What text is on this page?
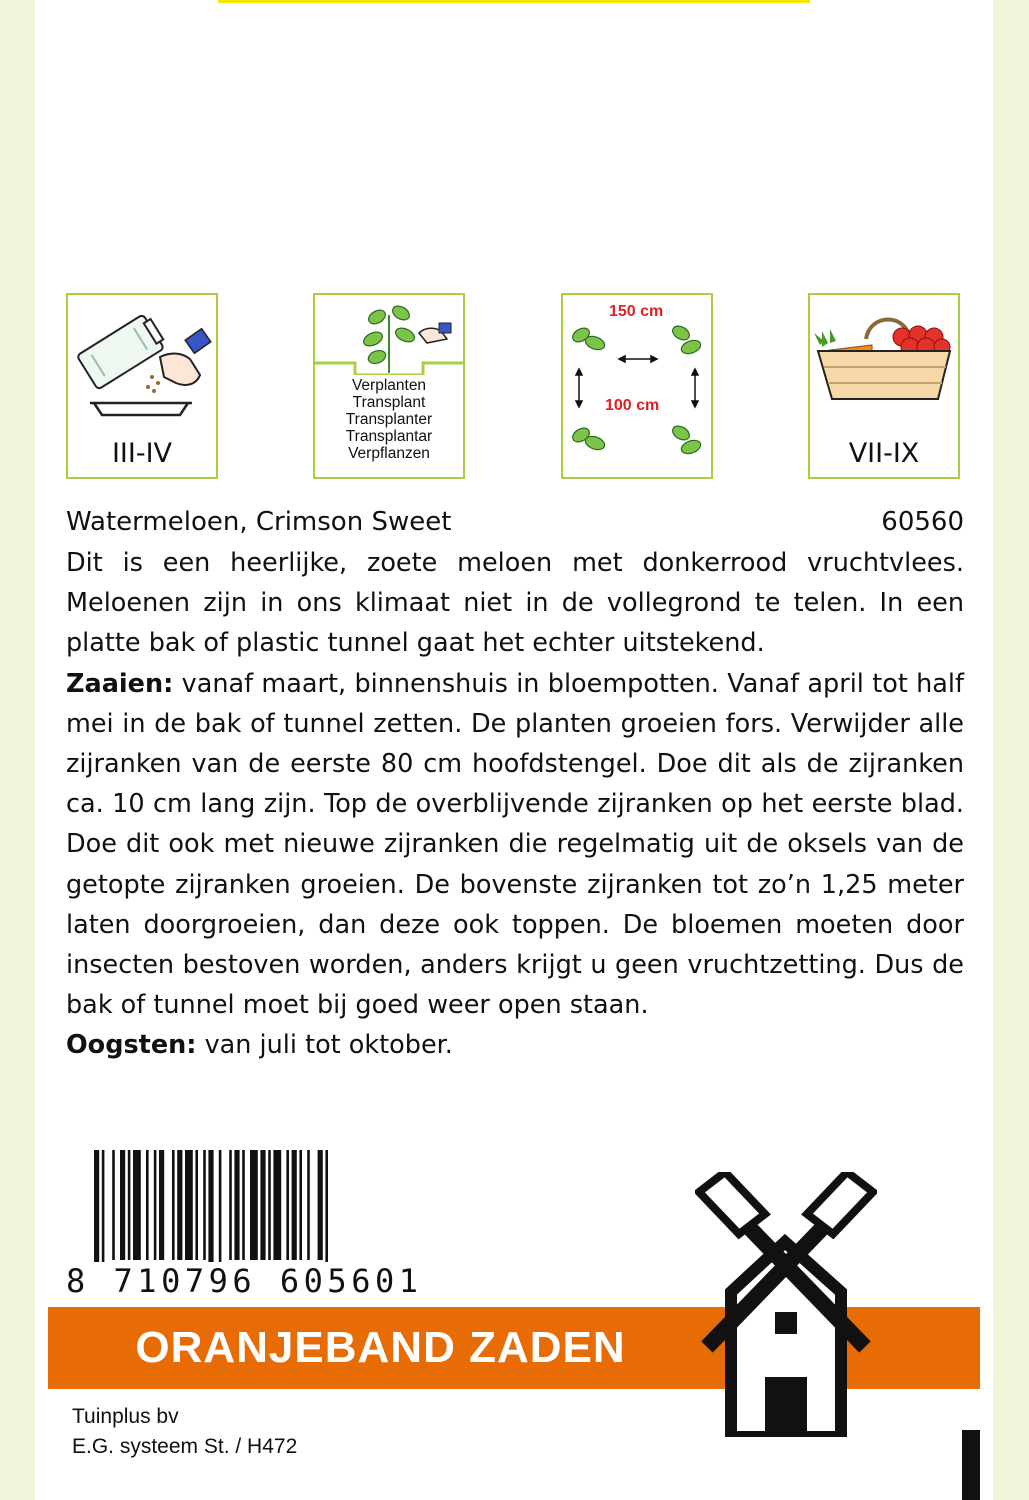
III-IV
Verplanten
Transplant
Transplanter
Transplantar
Verpflanzen
150 cm
100 cm
VII-IX
Watermeloen, Crimson Sweet	60560

Dit is een heerlijke, zoete meloen met donkerrood vruchtvlees. Meloenen zijn in ons klimaat niet in de vollegrond te telen. In een platte bak of plastic tunnel gaat het echter uitstekend.

Zaaien: vanaf maart, binnenshuis in bloempotten. Vanaf april tot half mei in de bak of tunnel zetten. De planten groeien fors. Verwijder alle zijranken van de eerste 80 cm hoofdstengel. Doe dit als de zijranken ca. 10 cm lang zijn. Top de overblijvende zijranken op het eerste blad. Doe dit ook met nieuwe zijranken die regelmatig uit de oksels van de getopte zijranken groeien. De bovenste zijranken tot zo’n 1,25 meter laten doorgroeien, dan deze ook toppen. De bloemen moeten door insecten bestoven worden, anders krijgt u geen vruchtzetting. Dus de bak of tunnel moet bij goed weer open staan.

Oogsten: van juli tot oktober.

8 710796 605601
ORANJEBAND ZADEN
Tuinplus bv
E.G. systeem St. / H472
